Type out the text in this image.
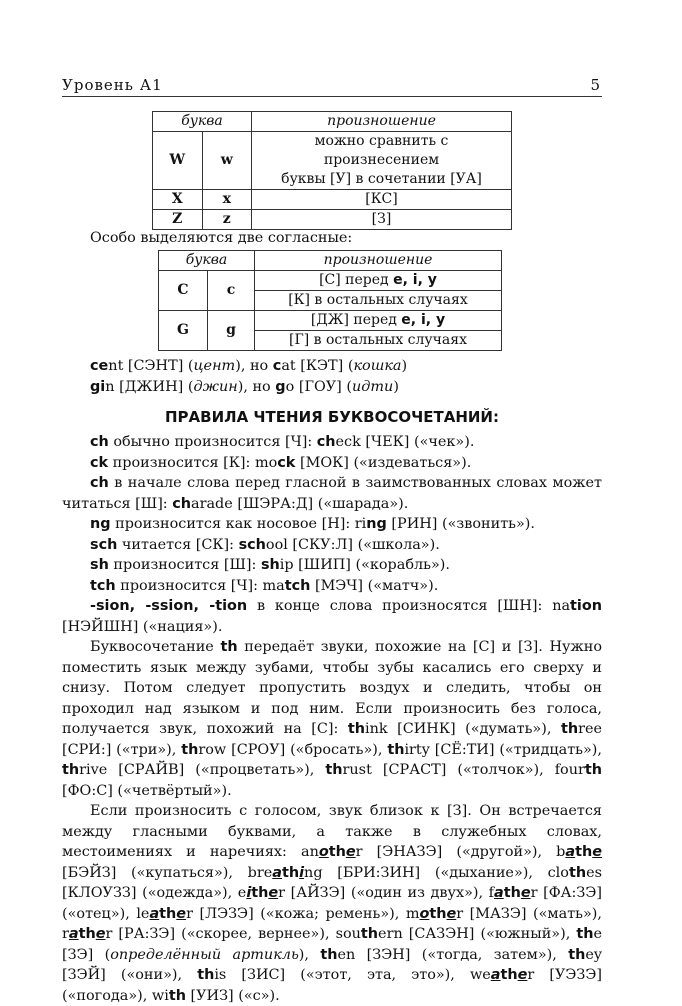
Уровень А1	5
буква		произношение
W	w	можно сравнить с произнесением
буквы [У] в сочетании [УА]
X	x	[КС]
Z	z	[З]
Особо выделяются две согласные:
буква		произношение
C	c	[С] перед e, i, y
		[К] в остальных случаях
G	g	[ДЖ] перед e, i, y
		[Г] в остальных случаях
cent [СЭНТ] (цент), но cat [КЭТ] (кошка)
gin [ДЖИН] (джин), но go [ГОУ] (идти)
ПРАВИЛА ЧТЕНИЯ БУКВОСОЧЕТАНИЙ:
ch обычно произносится [Ч]: check [ЧЕК] («чек»).
ck произносится [К]: mock [МОК] («издеваться»).
ch в начале слова перед гласной в заимствованных словах может читаться [Ш]: charade [ШЭРА:Д] («шарада»).
ng произносится как носовое [Н]: ring [РИН] («звонить»).
sch читается [СК]: school [СКУ:Л] («школа»).
sh произносится [Ш]: ship [ШИП] («корабль»).
tch произносится [Ч]: match [МЭЧ] («матч»).
-sion, -ssion, -tion в конце слова произносятся [ШН]: nation [НЭЙШН] («нация»).
Буквосочетание th передаёт звуки, похожие на [С] и [З]. Нужно поместить язык между зубами, чтобы зубы касались его сверху и снизу. Потом следует пропустить воздух и следить, чтобы он проходил над языком и под ним. Если произносить без голоса, получается звук, похожий на [С]: think [СИНК] («думать»), three [СРИ:] («три»), throw [СРОУ] («бросать»), thirty [СЁ:ТИ] («тридцать»), thrive [СРАЙВ] («процветать»), thrust [СРАСТ] («толчок»), fourth [ФО:С] («четвёртый»).
Если произносить с голосом, звук близок к [З]. Он встречается между гласными буквами, а также в служебных словах, местоимениях и наречиях: another [ЭНАЗЭ] («другой»), bathe [БЭЙЗ] («купаться»), breathing [БРИ:ЗИН] («дыхание»), clothes [КЛОУЗЗ] («одежда»), either [АЙЗЭ] («один из двух»), father [ФА:ЗЭ] («отец»), leather [ЛЭЗЭ] («кожа; ремень»), mother [МАЗЭ] («мать»), rather [РА:ЗЭ] («скорее, вернее»), southern [САЗЭН] («южный»), the [ЗЭ] (определённый артикль), then [ЗЭН] («тогда, затем»), they [ЗЭЙ] («они»), this [ЗИС] («этот, эта, это»), weather [УЭЗЭ] («погода»), with [УИЗ] («с»).
